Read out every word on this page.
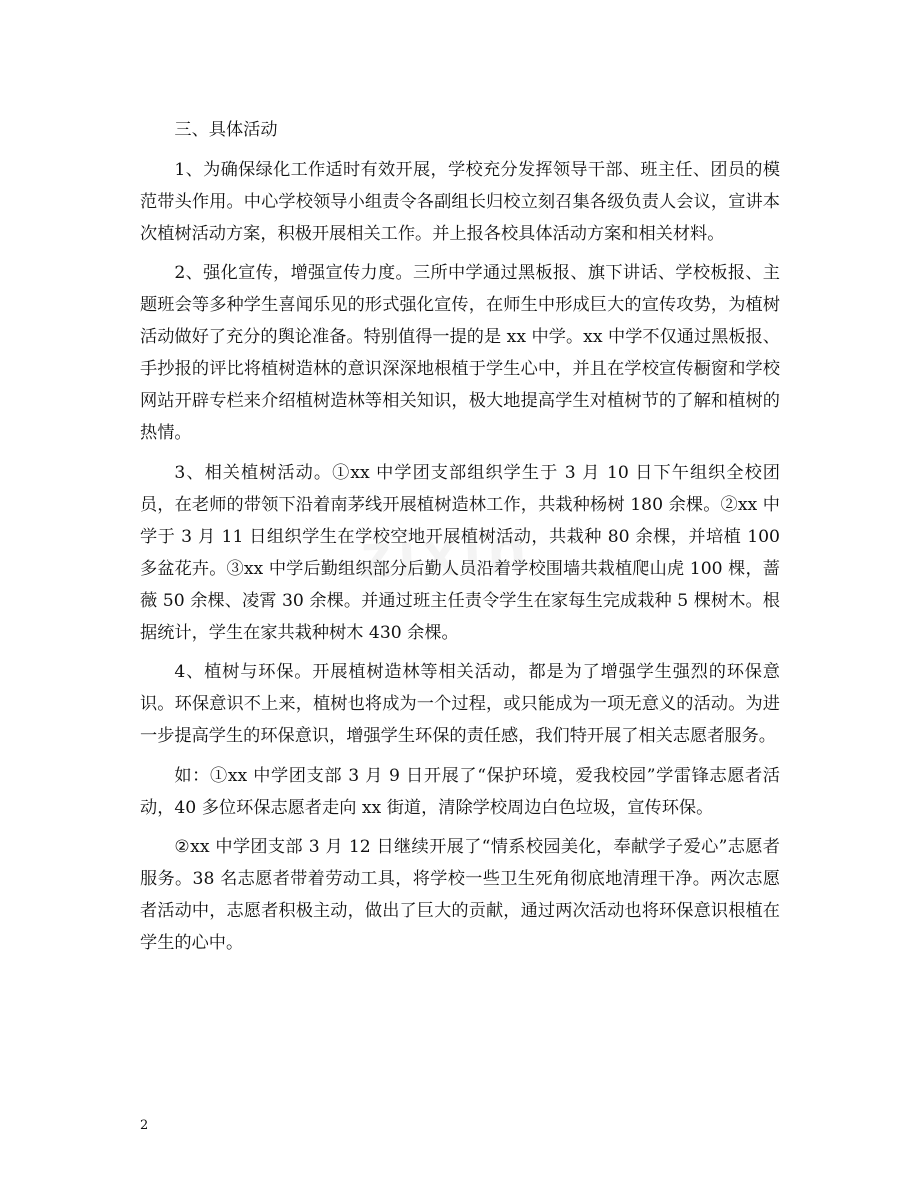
zixin

三、具体活动

1、为确保绿化工作适时有效开展，学校充分发挥领导干部、班主任、团员的模范带头作用。中心学校领导小组责令各副组长归校立刻召集各级负责人会议，宣讲本次植树活动方案，积极开展相关工作。并上报各校具体活动方案和相关材料。

2、强化宣传，增强宣传力度。三所中学通过黑板报、旗下讲话、学校板报、主题班会等多种学生喜闻乐见的形式强化宣传，在师生中形成巨大的宣传攻势，为植树活动做好了充分的舆论准备。特别值得一提的是 xx 中学。xx 中学不仅通过黑板报、手抄报的评比将植树造林的意识深深地根植于学生心中，并且在学校宣传橱窗和学校网站开辟专栏来介绍植树造林等相关知识，极大地提高学生对植树节的了解和植树的热情。

3、相关植树活动。①xx 中学团支部组织学生于 3 月 10 日下午组织全校团员，在老师的带领下沿着南茅线开展植树造林工作，共栽种杨树 180 余棵。②xx 中学于 3 月 11 日组织学生在学校空地开展植树活动，共栽种 80 余棵，并培植 100 多盆花卉。③xx 中学后勤组织部分后勤人员沿着学校围墙共栽植爬山虎 100 棵，蔷薇 50 余棵、凌霄 30 余棵。并通过班主任责令学生在家每生完成栽种 5 棵树木。根据统计，学生在家共栽种树木 430 余棵。

4、植树与环保。开展植树造林等相关活动，都是为了增强学生强烈的环保意识。环保意识不上来，植树也将成为一个过程，或只能成为一项无意义的活动。为进一步提高学生的环保意识，增强学生环保的责任感，我们特开展了相关志愿者服务。

如：①xx 中学团支部 3 月 9 日开展了“保护环境，爱我校园”学雷锋志愿者活动，40 多位环保志愿者走向 xx 街道，清除学校周边白色垃圾，宣传环保。

②xx 中学团支部 3 月 12 日继续开展了“情系校园美化，奉献学子爱心”志愿者服务。38 名志愿者带着劳动工具，将学校一些卫生死角彻底地清理干净。两次志愿者活动中，志愿者积极主动，做出了巨大的贡献，通过两次活动也将环保意识根植在学生的心中。

2
